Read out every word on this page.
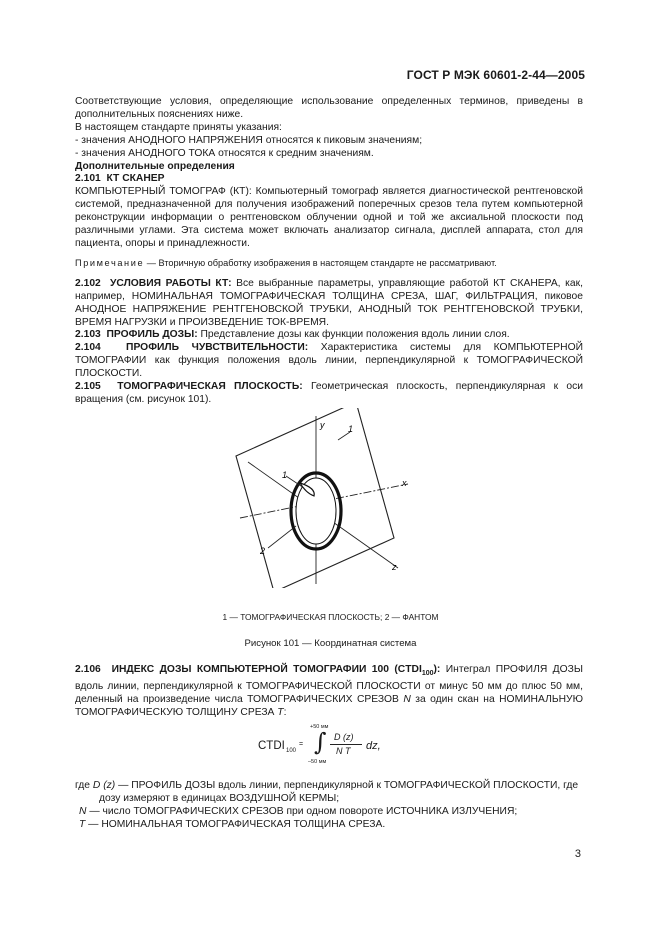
ГОСТ Р МЭК 60601-2-44—2005

Соответствующие условия, определяющие использование определенных терминов, приведены в дополнительных пояснениях ниже.

В настоящем стандарте приняты указания:

- значения АНОДНОГО НАПРЯЖЕНИЯ относятся к пиковым значениям;

- значения АНОДНОГО ТОКА относятся к средним значениям.

Дополнительные определения

2.101 КТ СКАНЕР

КОМПЬЮТЕРНЫЙ ТОМОГРАФ (КТ): Компьютерный томограф является диагностической рентгеновской системой, предназначенной для получения изображений поперечных срезов тела путем компьютерной реконструкции информации о рентгеновском облучении одной и той же аксиальной плоскости под различными углами. Эта система может включать анализатор сигнала, дисплей аппарата, стол для пациента, опоры и принадлежности.

Примечание — Вторичную обработку изображения в настоящем стандарте не рассматривают.

2.102 УСЛОВИЯ РАБОТЫ КТ: Все выбранные параметры, управляющие работой КТ СКАНЕРА, как, например, НОМИНАЛЬНАЯ ТОМОГРАФИЧЕСКАЯ ТОЛЩИНА СРЕЗА, ШАГ, ФИЛЬТРАЦИЯ, пиковое АНОДНОЕ НАПРЯЖЕНИЕ РЕНТГЕНОВСКОЙ ТРУБКИ, АНОДНЫЙ ТОК РЕНТГЕНОВСКОЙ ТРУБКИ, ВРЕМЯ НАГРУЗКИ и ПРОИЗВЕДЕНИЕ ТОК-ВРЕМЯ.

2.103 ПРОФИЛЬ ДОЗЫ: Представление дозы как функции положения вдоль линии слоя.

2.104 ПРОФИЛЬ ЧУВСТВИТЕЛЬНОСТИ: Характеристика системы для КОМПЬЮТЕРНОЙ ТОМОГРАФИИ как функция положения вдоль линии, перпендикулярной к ТОМОГРАФИЧЕСКОЙ ПЛОСКОСТИ.

2.105 ТОМОГРАФИЧЕСКАЯ ПЛОСКОСТЬ: Геометрическая плоскость, перпендикулярная к оси вращения (см. рисунок 101).

y
x
z
1
2
1
1 — ТОМОГРАФИЧЕСКАЯ ПЛОСКОСТЬ; 2 — ФАНТОМ
Рисунок 101 — Координатная система

2.106 ИНДЕКС ДОЗЫ КОМПЬЮТЕРНОЙ ТОМОГРАФИИ 100 $(CTDI_{100})$: Интеграл ПРОФИЛЯ ДОЗЫ вдоль линии, перпендикулярной к ТОМОГРАФИЧЕСКОЙ ПЛОСКОСТИ от минус 50 мм до плюс 50 мм, деленный на произведение числа ТОМОГРАФИЧЕСКИХ СРЕЗОВ N за один скан на НОМИНАЛЬНУЮ ТОМОГРАФИЧЕСКУЮ ТОЛЩИНУ СРЕЗА T:

CTDI 100
=
+50 мм
∫
–50 мм
D (z)
N T dz,
где D (z) — ПРОФИЛЬ ДОЗЫ вдоль линии, перпендикулярной к ТОМОГРАФИЧЕСКОЙ ПЛОСКОСТИ, где
дозу измеряют в единицах ВОЗДУШНОЙ КЕРМЫ;
N — число ТОМОГРАФИЧЕСКИХ СРЕЗОВ при одном повороте ИСТОЧНИКА ИЗЛУЧЕНИЯ;
T — НОМИНАЛЬНАЯ ТОМОГРАФИЧЕСКАЯ ТОЛЩИНА СРЕЗА.
3
